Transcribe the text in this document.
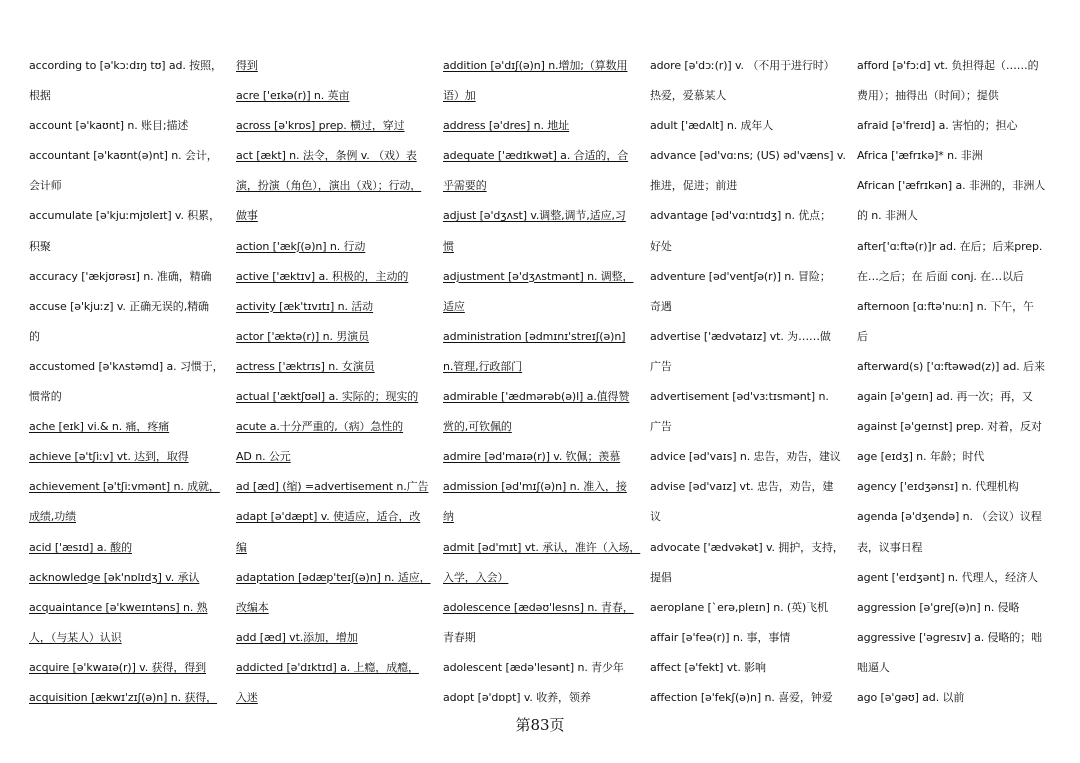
according to [ə'kɔːdɪŋ tʊ] ad. 按照，
根据
account [ə'kaʊnt] n. 账目;描述
accountant [ə'kaʊnt(ə)nt] n. 会计，
会计师
accumulate [ə'kjuːmjʊleɪt] v. 积累，
积聚
accuracy ['ækjʊrəsɪ] n. 准确，精确
accuse [ə'kjuːz] v. 正确无误的,精确
的
accustomed [ə'kʌstəmd] a. 习惯于，
惯常的
ache [eɪk] vi.& n. 痛，疼痛
achieve [ə'tʃiːv] vt. 达到，取得
achievement [ə'tʃiːvmənt] n. 成就，
成绩,功绩
acid ['æsɪd] a. 酸的
acknowledge [ək'nɒlɪdʒ] v. 承认
acquaintance [ə'kweɪntəns] n. 熟
人，（与某人）认识
acquire [ə'kwaɪə(r)] v. 获得，得到
acquisition [ækwɪ'zɪʃ(ə)n] n. 获得，
得到
acre ['eɪkə(r)] n. 英亩
across [ə'krɒs] prep. 横过，穿过
act [ækt] n. 法令，条例 v. （戏）表
演，扮演（角色），演出（戏）；行动，
做事
action ['ækʃ(ə)n] n. 行动
active ['æktɪv] a. 积极的，主动的
activity [æk'tɪvɪtɪ] n. 活动
actor ['æktə(r)] n. 男演员
actress ['æktrɪs] n. 女演员
actual ['æktʃʊəl] a. 实际的；现实的
acute a.十分严重的,（病）急性的
AD n. 公元
ad [æd] (缩) =advertisement n.广告
adapt [ə'dæpt] v. 使适应，适合，改
编
adaptation [ədæp'teɪʃ(ə)n] n. 适应，
改编本
add [æd] vt.添加，增加
addicted [ə'dɪktɪd] a. 上瘾，成瘾，
入迷
addition [ə'dɪʃ(ə)n] n.增加;（算数用
语）加
address [ə'dres] n. 地址
adequate ['ædɪkwət] a. 合适的，合
乎需要的
adjust [ə'dʒʌst] v.调整,调节,适应,习
惯
adjustment [ə'dʒʌstmənt] n. 调整，
适应
administration [ədmɪnɪ'streɪʃ(ə)n]
n.管理,行政部门
admirable ['ædmərəb(ə)l] a.值得赞
赏的,可钦佩的
admire [əd'maɪə(r)] v. 钦佩；羡慕
admission [əd'mɪʃ(ə)n] n. 准入，接
纳
admit [əd'mɪt] vt. 承认，准许（入场，
入学，入会）
adolescence [ædəʊ'lesns] n. 青春，
青春期
adolescent [ædə'lesənt] n. 青少年
adopt [ə'dɒpt] v. 收养，领养
adore [ə'dɔː(r)] v. （不用于进行时）
热爱，爱慕某人
adult ['ædʌlt] n. 成年人
advance [əd'vɑːns; (US) əd'væns] v.
推进，促进；前进
advantage [əd'vɑːntɪdʒ] n. 优点；
好处
adventure [əd'ventʃə(r)] n. 冒险；
奇遇
advertise ['ædvətaɪz] vt. 为……做
广告
advertisement [əd'vɜːtɪsmənt] n.
广告
advice [əd'vaɪs] n. 忠告，劝告，建议
advise [əd'vaɪz] vt. 忠告，劝告，建
议
advocate ['ædvəkət] v. 拥护，支持，
提倡
aeroplane [`erə,pleɪn] n. (英)飞机
affair [ə'feə(r)] n. 事，事情
affect [ə'fekt] vt. 影响
affection [ə'fekʃ(ə)n] n. 喜爱，钟爱
afford [ə'fɔːd] vt. 负担得起（……的
费用）；抽得出（时间）；提供
afraid [ə'freɪd] a. 害怕的；担心
Africa ['æfrɪkə]* n. 非洲
African ['æfrɪkən] a. 非洲的，非洲人
的 n. 非洲人
after['ɑːftə(r)]r ad. 在后；后来prep.
在…之后；在 后面 conj. 在…以后
afternoon [ɑːftə'nuːn] n. 下午，午
后
afterward(s) ['ɑːftəwəd(z)] ad. 后来
again [ə'geɪn] ad. 再一次；再，又
against [ə'geɪnst] prep. 对着，反对
age [eɪdʒ] n. 年龄；时代
agency ['eɪdʒənsɪ] n. 代理机构
agenda [ə'dʒendə] n. （会议）议程
表，议事日程
agent ['eɪdʒənt] n. 代理人，经济人
aggression [ə'greʃ(ə)n] n. 侵略
aggressive ['əgresɪv] a. 侵略的；咄
咄逼人
ago [ə'gəʊ] ad. 以前
第83页
